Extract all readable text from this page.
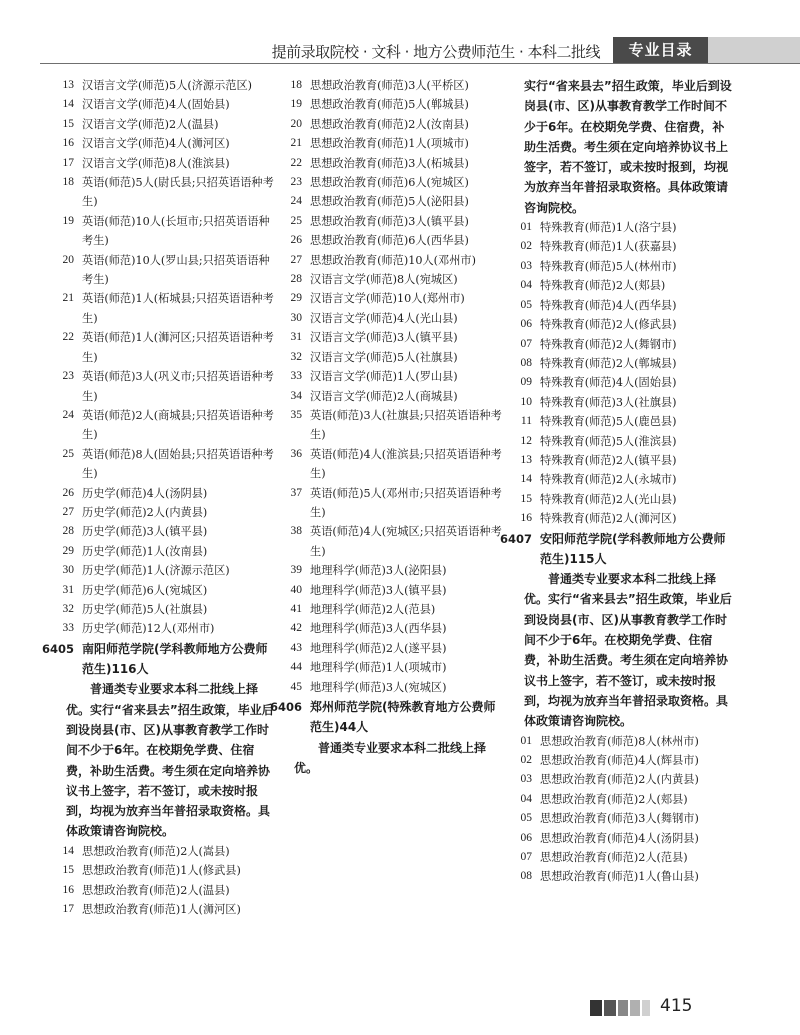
提前录取院校 · 文科 · 地方公费师范生 · 本科二批线	专业目录
13 汉语言文学(师范)5人(济源示范区)
14 汉语言文学(师范)4人(固始县)
15 汉语言文学(师范)2人(温县)
16 汉语言文学(师范)4人(浉河区)
17 汉语言文学(师范)8人(淮滨县)
18 英语(师范)5人(尉氏县;只招英语语种考生)
19 英语(师范)10人(长垣市;只招英语语种考生)
20 英语(师范)10人(罗山县;只招英语语种考生)
21 英语(师范)1人(柘城县;只招英语语种考生)
22 英语(师范)1人(浉河区;只招英语语种考生)
23 英语(师范)3人(巩义市;只招英语语种考生)
24 英语(师范)2人(商城县;只招英语语种考生)
25 英语(师范)8人(固始县;只招英语语种考生)
26 历史学(师范)4人(汤阴县)
27 历史学(师范)2人(内黄县)
28 历史学(师范)3人(镇平县)
29 历史学(师范)1人(汝南县)
30 历史学(师范)1人(济源示范区)
31 历史学(师范)6人(宛城区)
32 历史学(师范)5人(社旗县)
33 历史学(师范)12人(邓州市)
6405 南阳师范学院(学科教师地方公费师范生)116人

普通类专业要求本科二批线上择优。实行“省来县去”招生政策，毕业后到设岗县(市、区)从事教育教学工作时间不少于6年。在校期免学费、住宿费，补助生活费。考生须在定向培养协议书上签字，若不签订，或未按时报到，均视为放弃当年普招录取资格。具体政策请咨询院校。

14 思想政治教育(师范)2人(嵩县)
15 思想政治教育(师范)1人(修武县)
16 思想政治教育(师范)2人(温县)
17 思想政治教育(师范)1人(浉河区)
18 思想政治教育(师范)3人(平桥区)
19 思想政治教育(师范)5人(郸城县)
20 思想政治教育(师范)2人(汝南县)
21 思想政治教育(师范)1人(项城市)
22 思想政治教育(师范)3人(柘城县)
23 思想政治教育(师范)6人(宛城区)
24 思想政治教育(师范)5人(泌阳县)
25 思想政治教育(师范)3人(镇平县)
26 思想政治教育(师范)6人(西华县)
27 思想政治教育(师范)10人(邓州市)
28 汉语言文学(师范)8人(宛城区)
29 汉语言文学(师范)10人(郑州市)
30 汉语言文学(师范)4人(光山县)
31 汉语言文学(师范)3人(镇平县)
32 汉语言文学(师范)5人(社旗县)
33 汉语言文学(师范)1人(罗山县)
34 汉语言文学(师范)2人(商城县)
35 英语(师范)3人(社旗县;只招英语语种考生)
36 英语(师范)4人(淮滨县;只招英语语种考生)
37 英语(师范)5人(邓州市;只招英语语种考生)
38 英语(师范)4人(宛城区;只招英语语种考生)
39 地理科学(师范)3人(泌阳县)
40 地理科学(师范)3人(镇平县)
41 地理科学(师范)2人(范县)
42 地理科学(师范)3人(西华县)
43 地理科学(师范)2人(遂平县)
44 地理科学(师范)1人(项城市)
45 地理科学(师范)3人(宛城区)
6406 郑州师范学院(特殊教育地方公费师范生)44人

普通类专业要求本科二批线上择优。

实行“省来县去”招生政策，毕业后到设岗县(市、区)从事教育教学工作时间不少于6年。在校期免学费、住宿费，补助生活费。考生须在定向培养协议书上签字，若不签订，或未按时报到，均视为放弃当年普招录取资格。具体政策请咨询院校。

01 特殊教育(师范)1人(洛宁县)
02 特殊教育(师范)1人(获嘉县)
03 特殊教育(师范)5人(林州市)
04 特殊教育(师范)2人(郏县)
05 特殊教育(师范)4人(西华县)
06 特殊教育(师范)2人(修武县)
07 特殊教育(师范)2人(舞钢市)
08 特殊教育(师范)2人(郸城县)
09 特殊教育(师范)4人(固始县)
10 特殊教育(师范)3人(社旗县)
11 特殊教育(师范)5人(鹿邑县)
12 特殊教育(师范)5人(淮滨县)
13 特殊教育(师范)2人(镇平县)
14 特殊教育(师范)2人(永城市)
15 特殊教育(师范)2人(光山县)
16 特殊教育(师范)2人(浉河区)
6407 安阳师范学院(学科教师地方公费师范生)115人

普通类专业要求本科二批线上择优。实行“省来县去”招生政策，毕业后到设岗县(市、区)从事教育教学工作时间不少于6年。在校期免学费、住宿费，补助生活费。考生须在定向培养协议书上签字，若不签订，或未按时报到，均视为放弃当年普招录取资格。具体政策请咨询院校。

01 思想政治教育(师范)8人(林州市)
02 思想政治教育(师范)4人(辉县市)
03 思想政治教育(师范)2人(内黄县)
04 思想政治教育(师范)2人(郏县)
05 思想政治教育(师范)3人(舞钢市)
06 思想政治教育(师范)4人(汤阴县)
07 思想政治教育(师范)2人(范县)
08 思想政治教育(师范)1人(鲁山县)
415
